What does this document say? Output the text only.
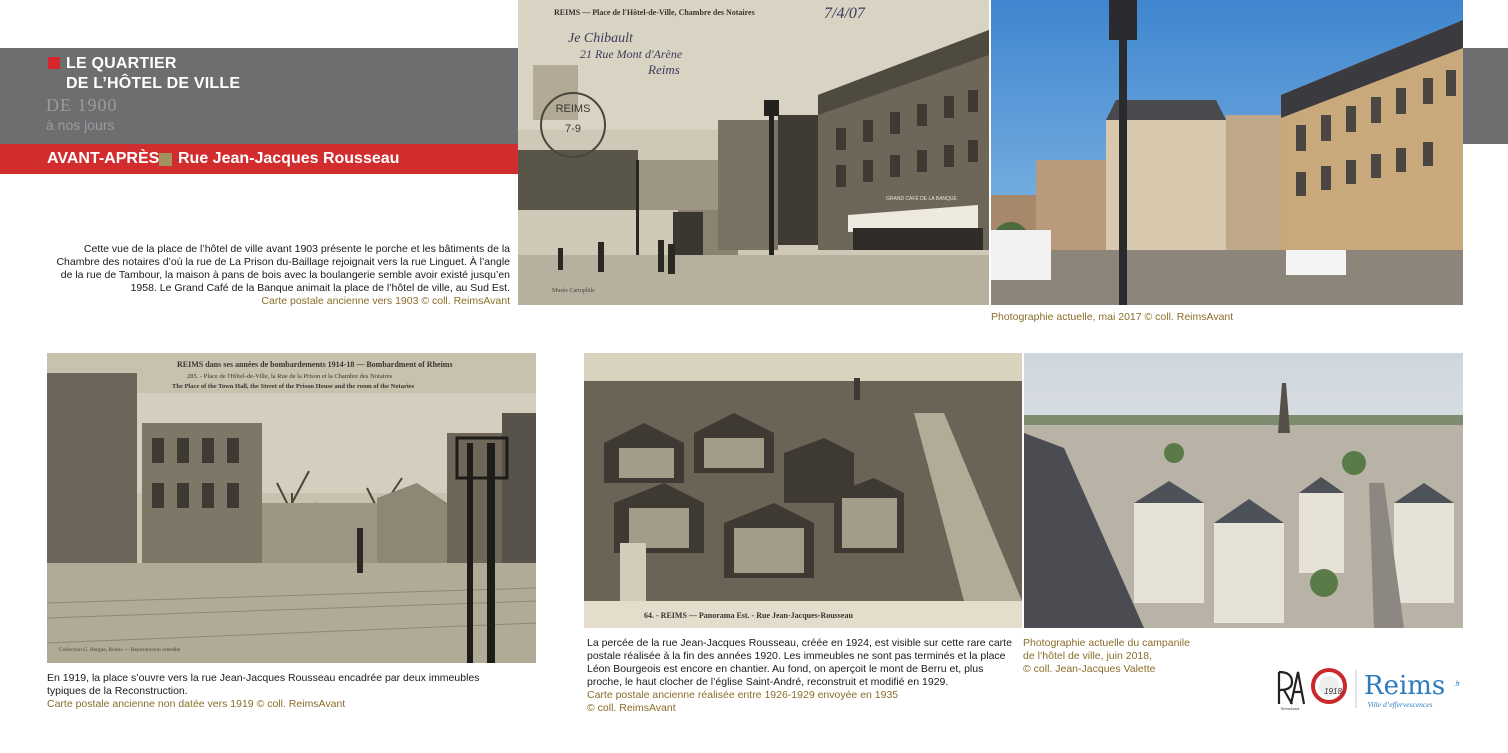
LE QUARTIER
DE L’HÔTEL DE VILLE
DE 1900
à nos jours
AVANT-APRÈS Rue Jean-Jacques Rousseau
REIMS
7-9
REIMS — Place de l'Hôtel-de-Ville, Chambre des Notaires	7/4/07
Je Chibault
21 Rue Mont d'Arène
Reims
GRAND CAFÉ DE LA BANQUE
Musée Cartophile
Photographie actuelle, mai 2017 © coll. ReimsAvant
Cette vue de la place de l’hôtel de ville avant 1903 présente le porche et les bâtiments de la Chambre des notaires d’où la rue de La Prison du-Baillage rejoignait vers la rue Linguet. À l’angle de la rue de Tambour, la maison à pans de bois avec la boulangerie semble avoir existé jusqu’en 1958. Le Grand Café de la Banque animait la place de l’hôtel de ville, au Sud Est.
Carte postale ancienne vers 1903 © coll. ReimsAvant
REIMS dans ses années de bombardements 1914-18 — Bombardment of Rheims
285. - Place de l'Hôtel-de-Ville, la Rue de la Prison et la Chambre des Notaires
The Place of the Town Hall, the Street of the Prison House and the room of the Notaries
Collection G. Bergue, Reims — Reproduction interdite
En 1919, la place s’ouvre vers la rue Jean-Jacques Rousseau encadrée par deux immeubles typiques de la Reconstruction.
Carte postale ancienne non datée vers 1919 © coll. ReimsAvant
64. - REIMS — Panorama Est. - Rue Jean-Jacques-Rousseau
La percée de la rue Jean-Jacques Rousseau, créée en 1924, est visible sur cette rare carte postale réalisée à la fin des années 1920. Les immeubles ne sont pas terminés et la place Léon Bourgeois est encore en chantier. Au fond, on aperçoit le mont de Berru et, plus proche, le haut clocher de l’église Saint-André, reconstruit et modifié en 1929.
Carte postale ancienne réalisée entre 1926-1929 envoyée en 1935
© coll. ReimsAvant
Photographie actuelle du campanile
de l’hôtel de ville, juin 2018,
© coll. Jean-Jacques Valette
ReimsAvant
1918 Reims .fr
Ville d’effervescences
